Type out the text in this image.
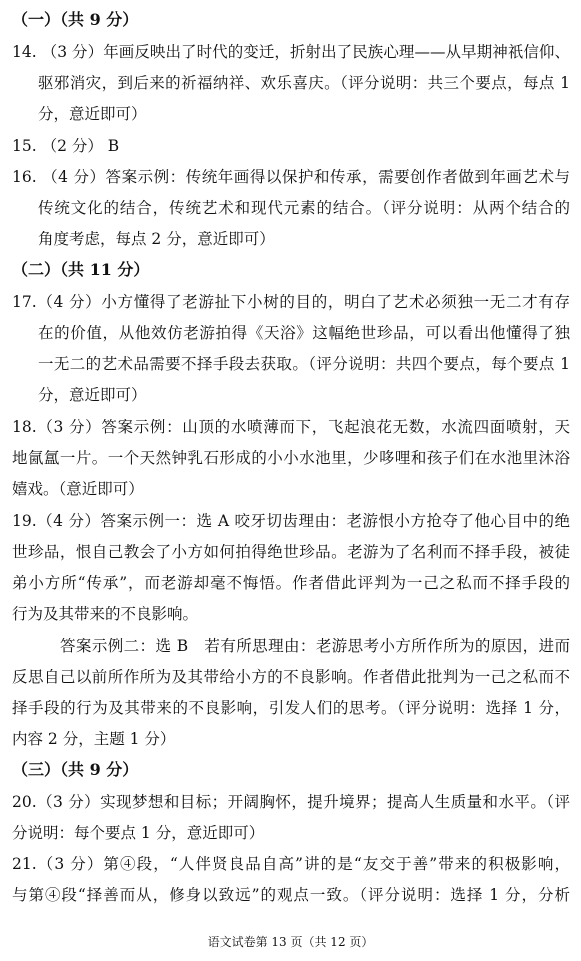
（一）（共 9 分）
14. （3 分）年画反映出了时代的变迁，折射出了民族心理——从早期神祇信仰、
驱邪消灾，到后来的祈福纳祥、欢乐喜庆。（评分说明：共三个要点，每点 1
分，意近即可）
15. （2 分） B
16. （4 分）答案示例：传统年画得以保护和传承，需要创作者做到年画艺术与
传统文化的结合，传统艺术和现代元素的结合。（评分说明：从两个结合的
角度考虑，每点 2 分，意近即可）
（二）（共 11 分）
17.（4 分）小方懂得了老游扯下小树的目的，明白了艺术必须独一无二才有存
在的价值，从他效仿老游拍得《天浴》这幅绝世珍品，可以看出他懂得了独
一无二的艺术品需要不择手段去获取。（评分说明：共四个要点，每个要点 1
分，意近即可）
18.（3 分）答案示例：山顶的水喷薄而下，飞起浪花无数，水流四面喷射，天
地氤氲一片。一个天然钟乳石形成的小小水池里，少哆哩和孩子们在水池里沐浴
嬉戏。（意近即可）
19.（4 分）答案示例一：选 A 咬牙切齿理由：老游恨小方抢夺了他心目中的绝
世珍品，恨自己教会了小方如何拍得绝世珍品。老游为了名利而不择手段，被徒
弟小方所“传承”，而老游却毫不悔悟。作者借此评判为一己之私而不择手段的
行为及其带来的不良影响。
答案示例二：选 B　若有所思理由：老游思考小方所作所为的原因，进而
反思自己以前所作所为及其带给小方的不良影响。作者借此批判为一己之私而不
择手段的行为及其带来的不良影响，引发人们的思考。（评分说明：选择 1 分，
内容 2 分，主题 1 分）
（三）（共 9 分）
20.（3 分）实现梦想和目标；开阔胸怀，提升境界；提高人生质量和水平。（评
分说明：每个要点 1 分，意近即可）
21.（3 分）第④段，“人伴贤良品自高”讲的是“友交于善”带来的积极影响，
与第④段“择善而从，修身以致远”的观点一致。（评分说明：选择 1 分，分析
语文试卷第 13 页（共 12 页）
